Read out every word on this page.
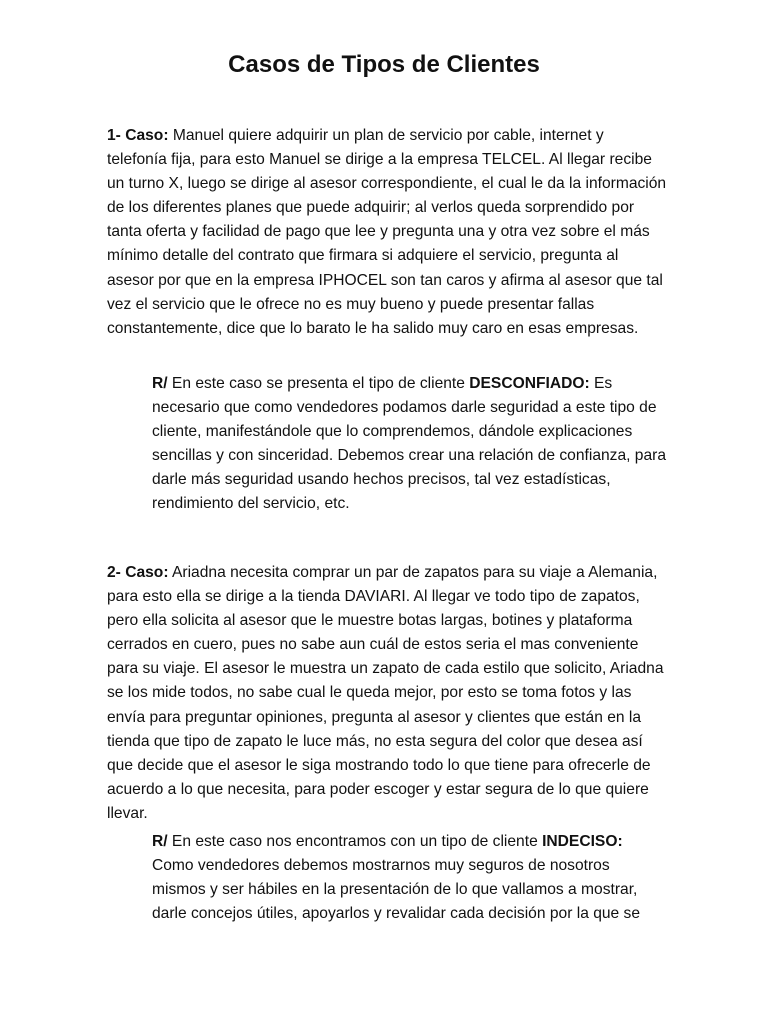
Casos de Tipos de Clientes

1- Caso: Manuel quiere adquirir un plan de servicio por cable, internet y telefonía fija, para esto Manuel se dirige a la empresa TELCEL. Al llegar recibe un turno X, luego se dirige al asesor correspondiente, el cual le da la información de los diferentes planes que puede adquirir; al verlos queda sorprendido por tanta oferta y facilidad de pago que lee y pregunta una y otra vez sobre el más mínimo detalle del contrato que firmara si adquiere el servicio, pregunta al asesor por que en la empresa IPHOCEL son tan caros y afirma al asesor que tal vez el servicio que le ofrece no es muy bueno y puede presentar fallas constantemente, dice que lo barato le ha salido muy caro en esas empresas.

R/ En este caso se presenta el tipo de cliente DESCONFIADO: Es necesario que como vendedores podamos darle seguridad a este tipo de cliente, manifestándole que lo comprendemos, dándole explicaciones sencillas y con sinceridad. Debemos crear una relación de confianza, para darle más seguridad usando hechos precisos, tal vez estadísticas, rendimiento del servicio, etc.

2- Caso: Ariadna necesita comprar un par de zapatos para su viaje a Alemania, para esto ella se dirige a la tienda DAVIARI. Al llegar ve todo tipo de zapatos, pero ella solicita al asesor que le muestre botas largas, botines y plataforma cerrados en cuero, pues no sabe aun cuál de estos seria el mas conveniente para su viaje. El asesor le muestra un zapato de cada estilo que solicito, Ariadna se los mide todos, no sabe cual le queda mejor, por esto se toma fotos y las envía para preguntar opiniones, pregunta al asesor y clientes que están en la tienda que tipo de zapato le luce más, no esta segura del color que desea así que decide que el asesor le siga mostrando todo lo que tiene para ofrecerle de acuerdo a lo que necesita, para poder escoger y estar segura de lo que quiere llevar.

R/ En este caso nos encontramos con un tipo de cliente INDECISO: Como vendedores debemos mostrarnos muy seguros de nosotros mismos y ser hábiles en la presentación de lo que vallamos a mostrar, darle concejos útiles, apoyarlos y revalidar cada decisión por la que se
